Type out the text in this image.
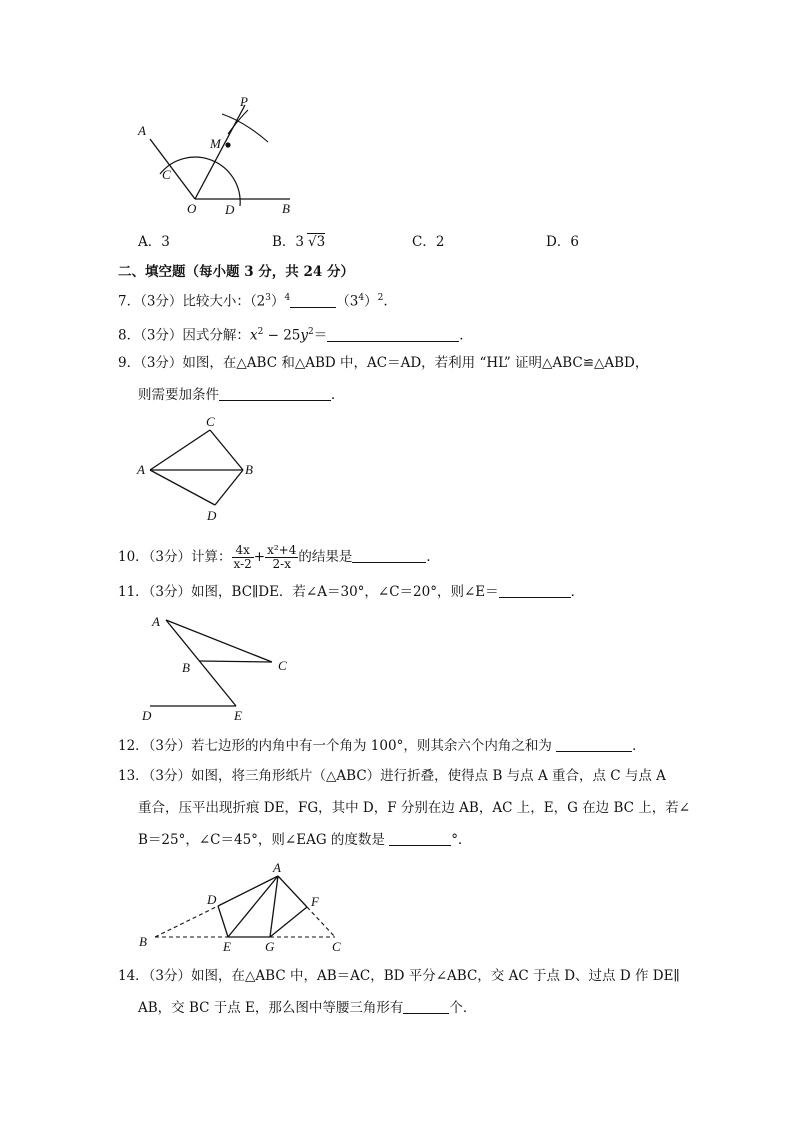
A
C
M
P
O D	B
A．3	B．3 √3	C．2	D．6
二、填空题（每小题 3 分，共 24 分）
7．（3分）比较大小：$(2^3)^4$	$(3^4)^2$.
8．（3分）因式分解：$x^2 - 25y^2=$	．
9．（3分）如图，在△ABC 和△ABD 中，AC＝AD，若利用 “HL” 证明△ABC≌△ABD，
则需要加条件	．
C
A	B
D
10．（3分）计算： $\frac{4x}{x-2} + \frac{\text{x²+4}}{2-x}$ 的结果是	．
11．（3分）如图，BC∥DE．若∠A＝30°，∠C＝20°，则∠E＝	．
A
B	C
D	E
12．（3分）若七边形的内角中有一个角为 100°，则其余六个内角之和为	．
13．（3分）如图，将三角形纸片（△ABC）进行折叠，使得点 B 与点 A 重合，点 C 与点 A
重合，压平出现折痕 DE，FG，其中 D，F 分别在边 AB，AC 上，E，G 在边 BC 上，若∠
B＝25°，∠C＝45°，则∠EAG 的度数是	°．
A
D	F
B	E	G	C
14．（3分）如图，在△ABC 中，AB＝AC，BD 平分∠ABC，交 AC 于点 D、过点 D 作 DE∥
AB，交 BC 于点 E，那么图中等腰三角形有	个．
